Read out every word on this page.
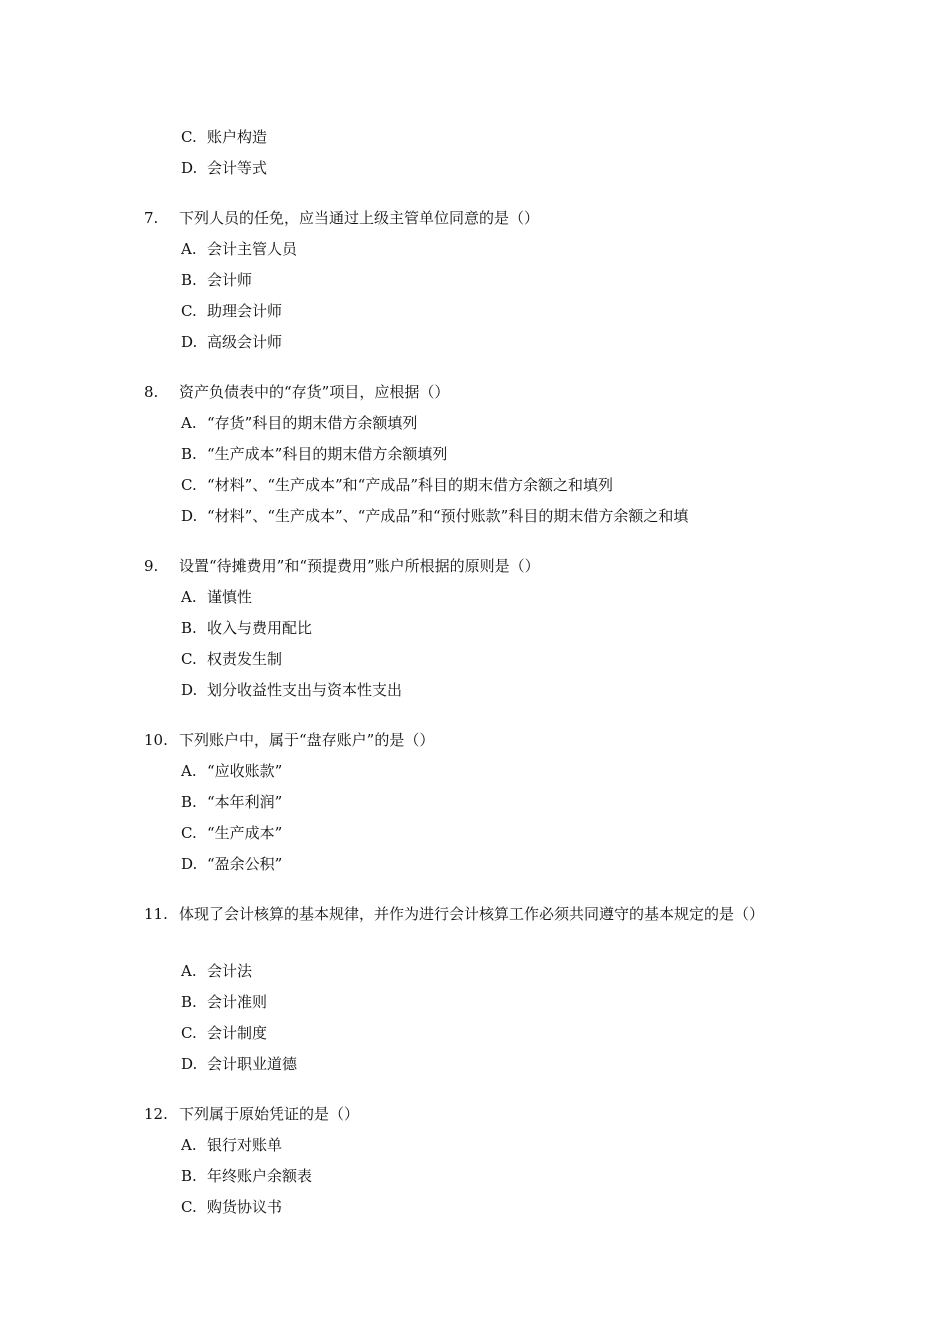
C. 账户构造
D. 会计等式
7.	下列人员的任免，应当通过上级主管单位同意的是（）
A. 会计主管人员
B. 会计师
C. 助理会计师
D. 高级会计师
8.	资产负债表中的“存货”项目，应根据（）
A. “存货”科目的期末借方余额填列
B. “生产成本”科目的期末借方余额填列
C. “材料”、“生产成本”和“产成品”科目的期末借方余额之和填列
D. “材料”、“生产成本”、“产成品”和“预付账款”科目的期末借方余额之和填
9.	设置“待摊费用”和“预提费用”账户所根据的原则是（）
A. 谨慎性
B. 收入与费用配比
C. 权责发生制
D. 划分收益性支出与资本性支出
10. 下列账户中，属于“盘存账户”的是（）
A. “应收账款”
B. “本年利润”
C. “生产成本”
D. “盈余公积”
11. 体现了会计核算的基本规律，并作为进行会计核算工作必须共同遵守的基本规定的是（）
A. 会计法
B. 会计准则
C. 会计制度
D. 会计职业道德
12. 下列属于原始凭证的是（）
A. 银行对账单
B. 年终账户余额表
C. 购货协议书
